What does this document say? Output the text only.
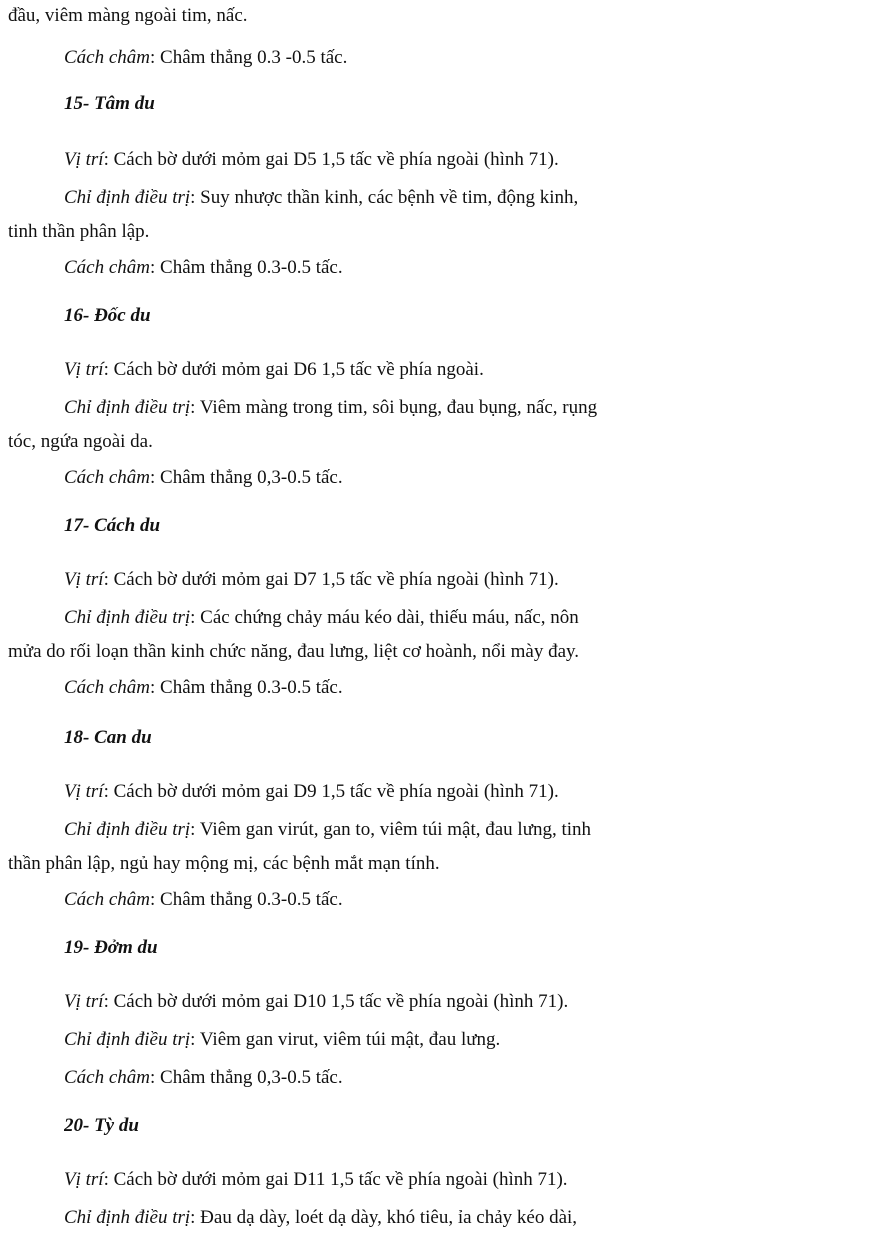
đầu, viêm màng ngoài tim, nấc.
Cách châm: Châm thẳng 0.3 -0.5 tấc.
15- Tâm du
Vị trí: Cách bờ dưới mỏm gai D5 1,5 tấc về phía ngoài (hình 71).
Chỉ định điều trị: Suy nhược thần kinh, các bệnh về tim, động kinh,
tinh thần phân lập.
Cách châm: Châm thẳng 0.3-0.5 tấc.
16- Đốc du
Vị trí: Cách bờ dưới mỏm gai D6 1,5 tấc về phía ngoài.
Chỉ định điều trị: Viêm màng trong tim, sôi bụng, đau bụng, nấc, rụng
tóc, ngứa ngoài da.
Cách châm: Châm thẳng 0,3-0.5 tấc.
17- Cách du
Vị trí: Cách bờ dưới mỏm gai D7 1,5 tấc về phía ngoài (hình 71).
Chỉ định điều trị: Các chứng chảy máu kéo dài, thiếu máu, nấc, nôn
mửa do rối loạn thần kinh chức năng, đau lưng, liệt cơ hoành, nổi mày đay.
Cách châm: Châm thẳng 0.3-0.5 tấc.
18- Can du
Vị trí: Cách bờ dưới mỏm gai D9 1,5 tấc về phía ngoài (hình 71).
Chỉ định điều trị: Viêm gan virút, gan to, viêm túi mật, đau lưng, tinh
thần phân lập, ngủ hay mộng mị, các bệnh mắt mạn tính.
Cách châm: Châm thẳng 0.3-0.5 tấc.
19- Đởm du
Vị trí: Cách bờ dưới mỏm gai D10 1,5 tấc về phía ngoài (hình 71).
Chỉ định điều trị: Viêm gan virut, viêm túi mật, đau lưng.
Cách châm: Châm thẳng 0,3-0.5 tấc.
20- Tỳ du
Vị trí: Cách bờ dưới mỏm gai D11 1,5 tấc về phía ngoài (hình 71).
Chỉ định điều trị: Đau dạ dày, loét dạ dày, khó tiêu, ỉa chảy kéo dài,
